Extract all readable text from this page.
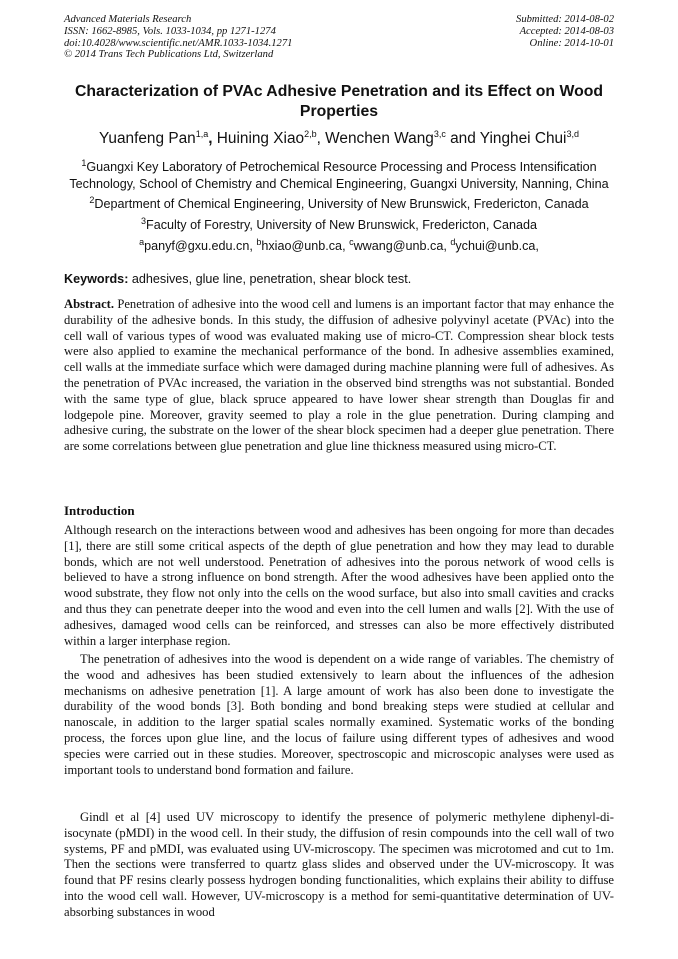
Advanced Materials Research
ISSN: 1662-8985, Vols. 1033-1034, pp 1271-1274
doi:10.4028/www.scientific.net/AMR.1033-1034.1271
© 2014 Trans Tech Publications Ltd, Switzerland
Submitted: 2014-08-02
Accepted: 2014-08-03
Online: 2014-10-01
Characterization of PVAc Adhesive Penetration and its Effect on Wood Properties
Yuanfeng Pan$^{1,a}$, Huining Xiao$^{2,b}$, Wenchen Wang$^{3,c}$ and Yinghei Chui$^{3,d}$
$^1$Guangxi Key Laboratory of Petrochemical Resource Processing and Process Intensification
Technology, School of Chemistry and Chemical Engineering, Guangxi University, Nanning, China
$^2$Department of Chemical Engineering, University of New Brunswick, Fredericton, Canada
$^3$Faculty of Forestry, University of New Brunswick, Fredericton, Canada
$^a$panyf@gxu.edu.cn, $^b$hxiao@unb.ca, $^c$wwang@unb.ca, $^d$ychui@unb.ca,
Keywords: adhesives, glue line, penetration, shear block test.

Abstract. Penetration of adhesive into the wood cell and lumens is an important factor that may enhance the durability of the adhesive bonds. In this study, the diffusion of adhesive polyvinyl acetate (PVAc) into the cell wall of various types of wood was evaluated making use of micro-CT. Compression shear block tests were also applied to examine the mechanical performance of the bond. In adhesive assemblies examined, cell walls at the immediate surface which were damaged during machine planning were full of adhesives. As the penetration of PVAc increased, the variation in the observed bind strengths was not substantial. Bonded with the same type of glue, black spruce appeared to have lower shear strength than Douglas fir and lodgepole pine. Moreover, gravity seemed to play a role in the glue penetration. During clamping and adhesive curing, the substrate on the lower of the shear block specimen had a deeper glue penetration. There are some correlations between glue penetration and glue line thickness measured using micro-CT.

Introduction

Although research on the interactions between wood and adhesives has been ongoing for more than decades [1], there are still some critical aspects of the depth of glue penetration and how they may lead to durable bonds, which are not well understood. Penetration of adhesives into the porous network of wood cells is believed to have a strong influence on bond strength. After the wood adhesives have been applied onto the wood substrate, they flow not only into the cells on the wood surface, but also into small cavities and cracks and thus they can penetrate deeper into the wood and even into the cell lumen and walls [2]. With the use of adhesives, damaged wood cells can be reinforced, and stresses can also be more effectively distributed within a larger interphase region.

The penetration of adhesives into the wood is dependent on a wide range of variables. The chemistry of the wood and adhesives has been studied extensively to learn about the influences of the adhesion mechanisms on adhesive penetration [1]. A large amount of work has also been done to investigate the durability of the wood bonds [3]. Both bonding and bond breaking steps were studied at cellular and nanoscale, in addition to the larger spatial scales normally examined. Systematic works of the bonding process, the forces upon glue line, and the locus of failure using different types of adhesives and wood species were carried out in these studies. Moreover, spectroscopic and microscopic analyses were used as important tools to understand bond formation and failure.

Gindl et al [4] used UV microscopy to identify the presence of polymeric methylene diphenyl-di-isocynate (pMDI) in the wood cell. In their study, the diffusion of resin compounds into the cell wall of two systems, PF and pMDI, was evaluated using UV-microscopy. The specimen was microtomed and cut to 1m. Then the sections were transferred to quartz glass slides and observed under the UV-microscopy. It was found that PF resins clearly possess hydrogen bonding functionalities, which explains their ability to diffuse into the wood cell wall. However, UV-microscopy is a method for semi-quantitative determination of UV-absorbing substances in wood
